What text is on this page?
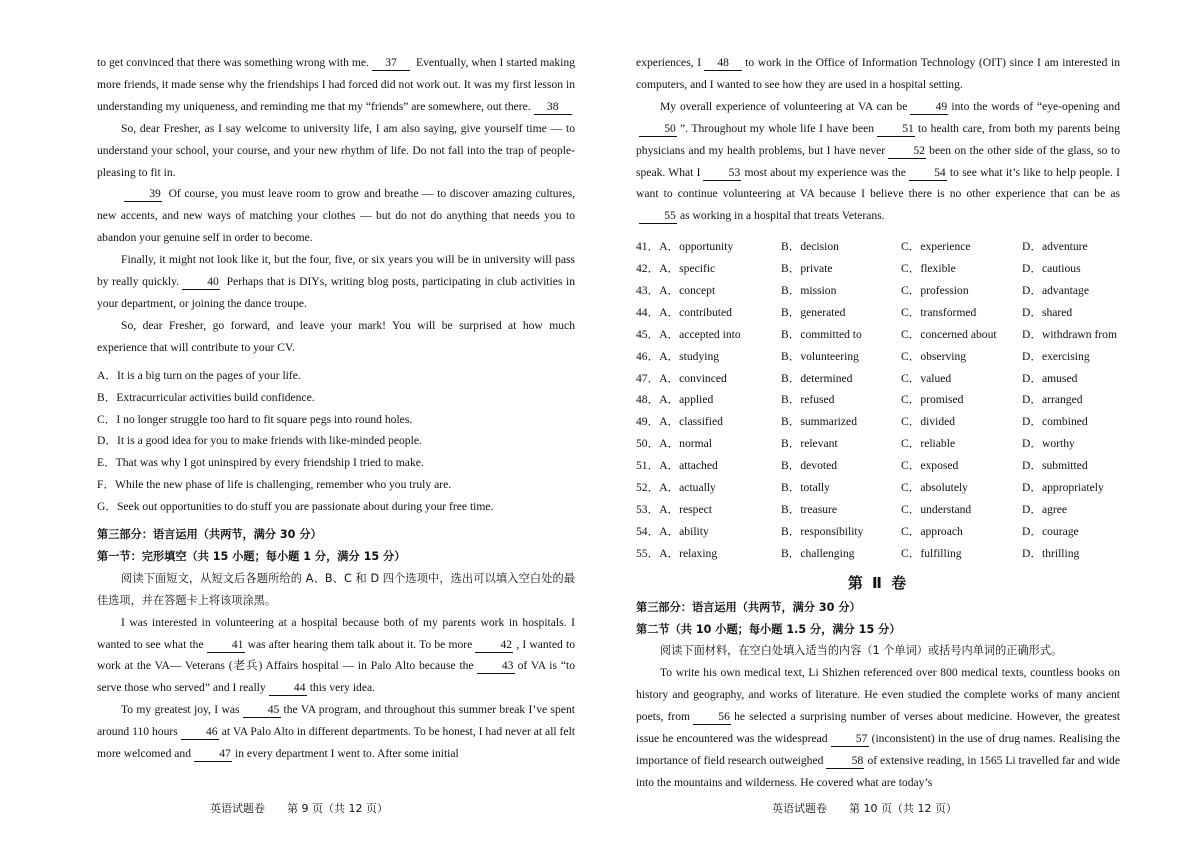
to get convinced that there was something wrong with me. 37 Eventually, when I started making more friends, it made sense why the friendships I had forced did not work out. It was my first lesson in understanding my uniqueness, and reminding me that my “friends” are somewhere, out there. 38

So, dear Fresher, as I say welcome to university life, I am also saying, give yourself time — to understand your school, your course, and your new rhythm of life. Do not fall into the trap of people-pleasing to fit in.

39 Of course, you must leave room to grow and breathe — to discover amazing cultures, new accents, and new ways of matching your clothes — but do not do anything that needs you to abandon your genuine self in order to become.

Finally, it might not look like it, but the four, five, or six years you will be in university will pass by really quickly. 40 Perhaps that is DIYs, writing blog posts, participating in club activities in your department, or joining the dance troupe.

So, dear Fresher, go forward, and leave your mark! You will be surprised at how much experience that will contribute to your CV.

A．It is a big turn on the pages of your life.
B．Extracurricular activities build confidence.
C．I no longer struggle too hard to fit square pegs into round holes.
D．It is a good idea for you to make friends with like-minded people.
E．That was why I got uninspired by every friendship I tried to make.
F．While the new phase of life is challenging, remember who you truly are.
G．Seek out opportunities to do stuff you are passionate about during your free time.
第三部分：语言运用（共两节，满分 30 分）
第一节：完形填空（共 15 小题；每小题 1 分，满分 15 分）

阅读下面短文，从短文后各题所给的 A、B、C 和 D 四个选项中，选出可以填入空白处的最佳选项，并在答题卡上将该项涂黑。

I was interested in volunteering at a hospital because both of my parents work in hospitals. I wanted to see what the 41 was after hearing them talk about it. To be more 42 , I wanted to work at the VA— Veterans (老兵) Affairs hospital — in Palo Alto because the 43 of VA is “to serve those who served” and I really 44 this very idea.

To my greatest joy, I was 45 the VA program, and throughout this summer break I’ve spent around 110 hours 46 at VA Palo Alto in different departments. To be honest, I had never at all felt more welcomed and 47 in every department I went to. After some initial

英语试题卷　　第 9 页（共 12 页）

experiences, I 48 to work in the Office of Information Technology (OIT) since I am interested in computers, and I wanted to see how they are used in a hospital setting.

My overall experience of volunteering at VA can be 49 into the words of “eye-opening and50 ”. Throughout my whole life I have been 51 to health care, from both my parents being physicians and my health problems, but I have never 52 been on the other side of the glass, so to speak. What I 53 most about my experience was the 54 to see what it’s like to help people. I want to continue volunteering at VA because I believe there is no other experience that can be as55 as working in a hospital that treats Veterans.

41．A．opportunity	B．decision	C．experience	D．adventure
42．A．specific	B．private	C．flexible	D．cautious
43．A．concept	B．mission	C．profession	D．advantage
44．A．contributed	B．generated	C．transformed	D．shared
45．A．accepted into	B．committed to	C．concerned about	D．withdrawn from
46．A．studying	B．volunteering	C．observing	D．exercising
47．A．convinced	B．determined	C．valued	D．amused
48．A．applied	B．refused	C．promised	D．arranged
49．A．classified	B．summarized	C．divided	D．combined
50．A．normal	B．relevant	C．reliable	D．worthy
51．A．attached	B．devoted	C．exposed	D．submitted
52．A．actually	B．totally	C．absolutely	D．appropriately
53．A．respect	B．treasure	C．understand	D．agree
54．A．ability	B．responsibility	C．approach	D．courage
55．A．relaxing	B．challenging	C．fulfilling	D．thrilling
第 Ⅱ 卷
第三部分：语言运用（共两节，满分 30 分）
第二节（共 10 小题；每小题 1.5 分，满分 15 分）

阅读下面材料，在空白处填入适当的内容（1 个单词）或括号内单词的正确形式。

To write his own medical text, Li Shizhen referenced over 800 medical texts, countless books on history and geography, and works of literature. He even studied the complete works of many ancient poets, from 56 he selected a surprising number of verses about medicine. However, the greatest issue he encountered was the widespread 57 (inconsistent) in the use of drug names. Realising the importance of field research outweighed 58 of extensive reading, in 1565 Li travelled far and wide into the mountains and wilderness. He covered what are today’s

英语试题卷　　第 10 页（共 12 页）
